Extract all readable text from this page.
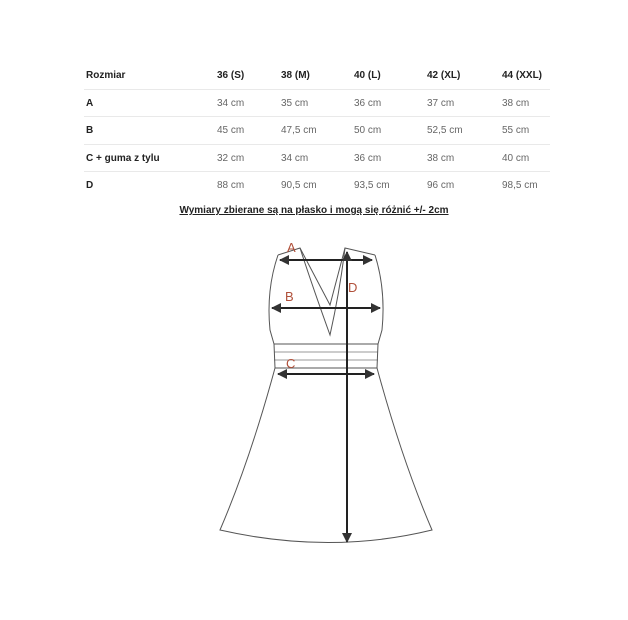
Rozmiar	36 (S)	38 (M)	40 (L)	42 (XL)	44 (XXL)
A	34 cm	35 cm	36 cm	37 cm	38 cm
B	45 cm	47,5 cm	50 cm	52,5 cm	55 cm
C + guma z tylu	32 cm	34 cm	36 cm	38 cm	40 cm
D	88 cm	90,5 cm	93,5 cm	96 cm	98,5 cm
Wymiary zbierane są na płasko i mogą się różnić +/- 2cm
A
B
C
D
